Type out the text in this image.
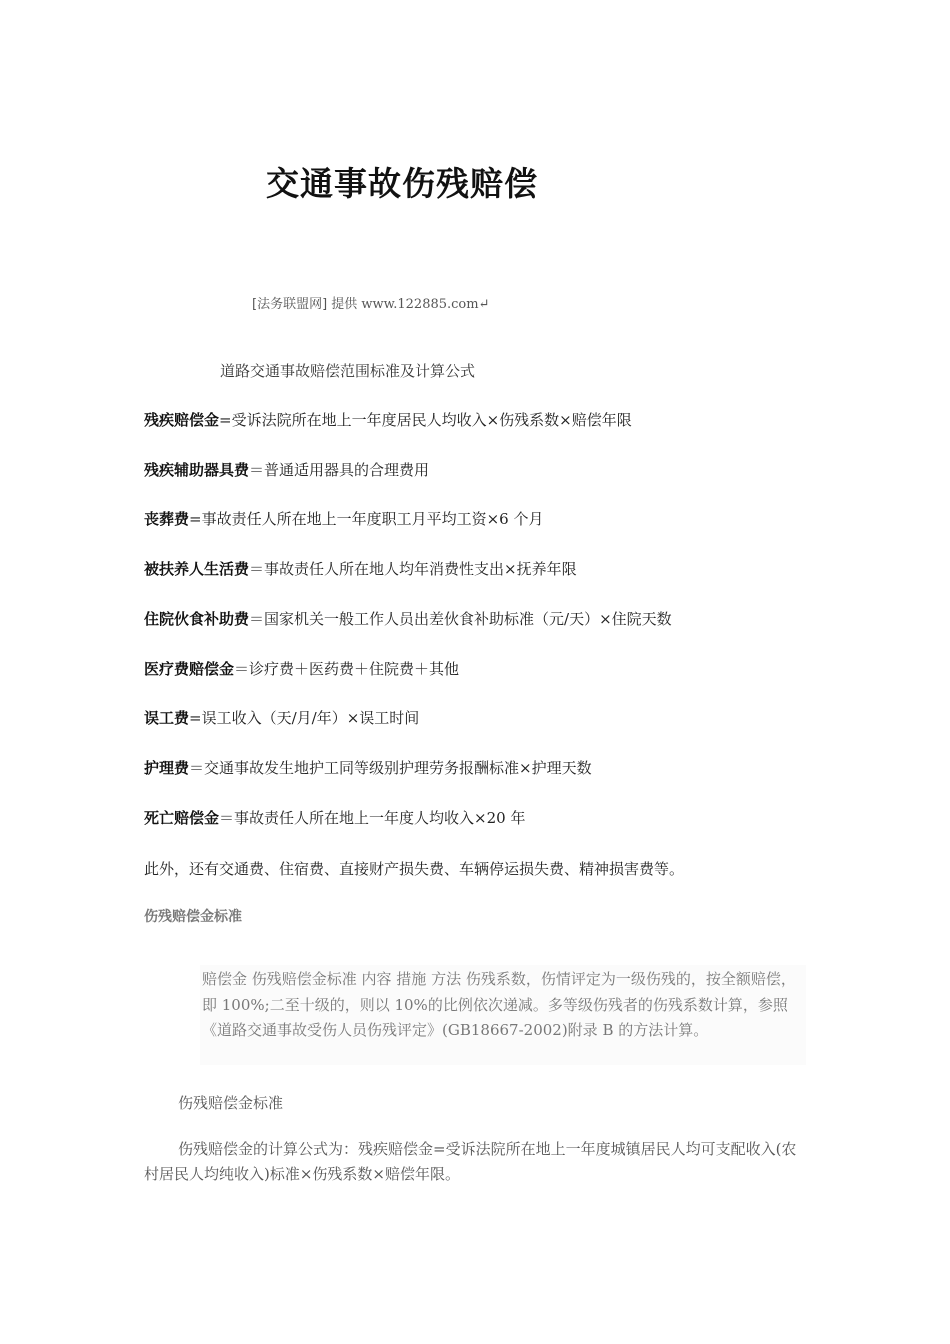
交通事故伤残赔偿
[法务联盟网] 提供 www.122885.com↵
道路交通事故赔偿范围标准及计算公式
残疾赔偿金=受诉法院所在地上一年度居民人均收入×伤残系数×赔偿年限
残疾辅助器具费＝普通适用器具的合理费用
丧葬费=事故责任人所在地上一年度职工月平均工资×6 个月
被扶养人生活费＝事故责任人所在地人均年消费性支出×抚养年限
住院伙食补助费＝国家机关一般工作人员出差伙食补助标准（元/天）×住院天数
医疗费赔偿金＝诊疗费＋医药费＋住院费＋其他
误工费=误工收入（天/月/年）×误工时间
护理费＝交通事故发生地护工同等级别护理劳务报酬标准×护理天数
死亡赔偿金＝事故责任人所在地上一年度人均收入×20 年
此外，还有交通费、住宿费、直接财产损失费、车辆停运损失费、精神损害费等。
伤残赔偿金标准

赔偿金 伤残赔偿金标准 内容 措施 方法 伤残系数，伤情评定为一级伤残的，按全额赔偿，即 100%;二至十级的，则以 10%的比例依次递减。多等级伤残者的伤残系数计算，参照《道路交通事故受伤人员伤残评定》(GB18667-2002)附录 B 的方法计算。

伤残赔偿金标准

伤残赔偿金的计算公式为：残疾赔偿金=受诉法院所在地上一年度城镇居民人均可支配收入(农村居民人均纯收入)标准×伤残系数×赔偿年限。
